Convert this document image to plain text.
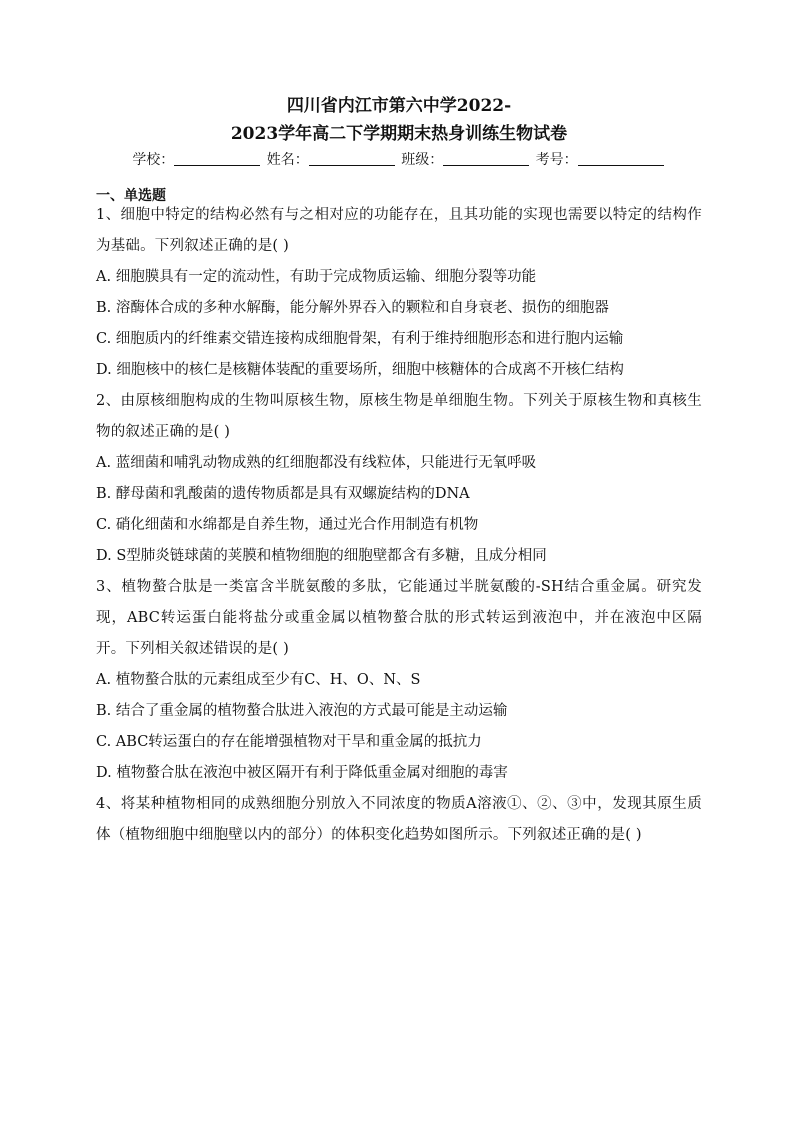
四川省内江市第六中学2022-
2023学年高二下学期期末热身训练生物试卷
学校：	姓名：	班级：	考号：
一、单选题

1、细胞中特定的结构必然有与之相对应的功能存在，且其功能的实现也需要以特定的结构作为基础。下列叙述正确的是( )

A. 细胞膜具有一定的流动性，有助于完成物质运输、细胞分裂等功能

B. 溶酶体合成的多种水解酶，能分解外界吞入的颗粒和自身衰老、损伤的细胞器

C. 细胞质内的纤维素交错连接构成细胞骨架，有利于维持细胞形态和进行胞内运输

D. 细胞核中的核仁是核糖体装配的重要场所，细胞中核糖体的合成离不开核仁结构

2、由原核细胞构成的生物叫原核生物，原核生物是单细胞生物。下列关于原核生物和真核生物的叙述正确的是( )

A. 蓝细菌和哺乳动物成熟的红细胞都没有线粒体，只能进行无氧呼吸

B. 酵母菌和乳酸菌的遗传物质都是具有双螺旋结构的DNA

C. 硝化细菌和水绵都是自养生物，通过光合作用制造有机物

D. S型肺炎链球菌的荚膜和植物细胞的细胞壁都含有多糖，且成分相同

3、植物螯合肽是一类富含半胱氨酸的多肽，它能通过半胱氨酸的-SH结合重金属。研究发现，ABC转运蛋白能将盐分或重金属以植物螯合肽的形式转运到液泡中，并在液泡中区隔开。下列相关叙述错误的是( )

A. 植物螯合肽的元素组成至少有C、H、O、N、S

B. 结合了重金属的植物螯合肽进入液泡的方式最可能是主动运输

C. ABC转运蛋白的存在能增强植物对干旱和重金属的抵抗力

D. 植物螯合肽在液泡中被区隔开有利于降低重金属对细胞的毒害

4、将某种植物相同的成熟细胞分别放入不同浓度的物质A溶液①、②、③中，发现其原生质体（植物细胞中细胞壁以内的部分）的体积变化趋势如图所示。下列叙述正确的是( )
